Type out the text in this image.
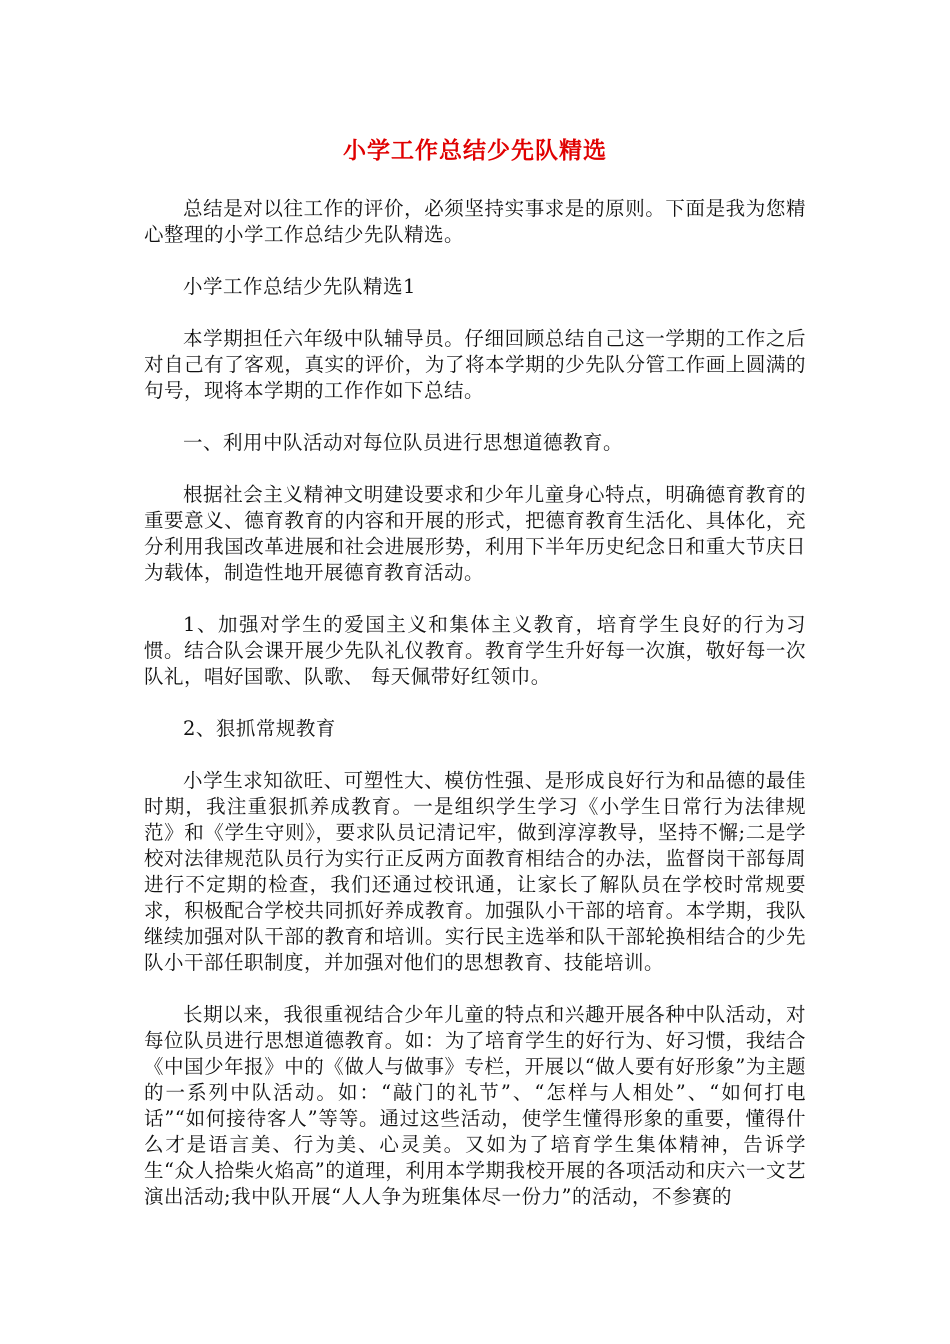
小学工作总结少先队精选

总结是对以往工作的评价，必须坚持实事求是的原则。下面是我为您精心整理的小学工作总结少先队精选。

小学工作总结少先队精选1

本学期担任六年级中队辅导员。仔细回顾总结自己这一学期的工作之后对自己有了客观，真实的评价，为了将本学期的少先队分管工作画上圆满的句号，现将本学期的工作作如下总结。

一、利用中队活动对每位队员进行思想道德教育。

根据社会主义精神文明建设要求和少年儿童身心特点，明确德育教育的重要意义、德育教育的内容和开展的形式，把德育教育生活化、具体化，充分利用我国改革进展和社会进展形势，利用下半年历史纪念日和重大节庆日为载体，制造性地开展德育教育活动。

1、加强对学生的爱国主义和集体主义教育，培育学生良好的行为习惯。结合队会课开展少先队礼仪教育。教育学生升好每一次旗，敬好每一次队礼，唱好国歌、队歌、 每天佩带好红领巾。

2、狠抓常规教育

小学生求知欲旺、可塑性大、模仿性强、是形成良好行为和品德的最佳时期，我注重狠抓养成教育。一是组织学生学习《小学生日常行为法律规范》和《学生守则》，要求队员记清记牢，做到淳淳教导，坚持不懈;二是学校对法律规范队员行为实行正反两方面教育相结合的办法，监督岗干部每周进行不定期的检查，我们还通过校讯通，让家长了解队员在学校时常规要求，积极配合学校共同抓好养成教育。加强队小干部的培育。本学期，我队继续加强对队干部的教育和培训。实行民主选举和队干部轮换相结合的少先队小干部任职制度，并加强对他们的思想教育、技能培训。

长期以来，我很重视结合少年儿童的特点和兴趣开展各种中队活动，对每位队员进行思想道德教育。如：为了培育学生的好行为、好习惯，我结合《中国少年报》中的《做人与做事》专栏，开展以“做人要有好形象”为主题的一系列中队活动。如：“敲门的礼节”、“怎样与人相处”、“如何打电话”“如何接待客人”等等。通过这些活动，使学生懂得形象的重要，懂得什么才是语言美、行为美、心灵美。又如为了培育学生集体精神，告诉学生“众人拾柴火焰高”的道理，利用本学期我校开展的各项活动和庆六一文艺演出活动;我中队开展“人人争为班集体尽一份力”的活动，不参赛的
